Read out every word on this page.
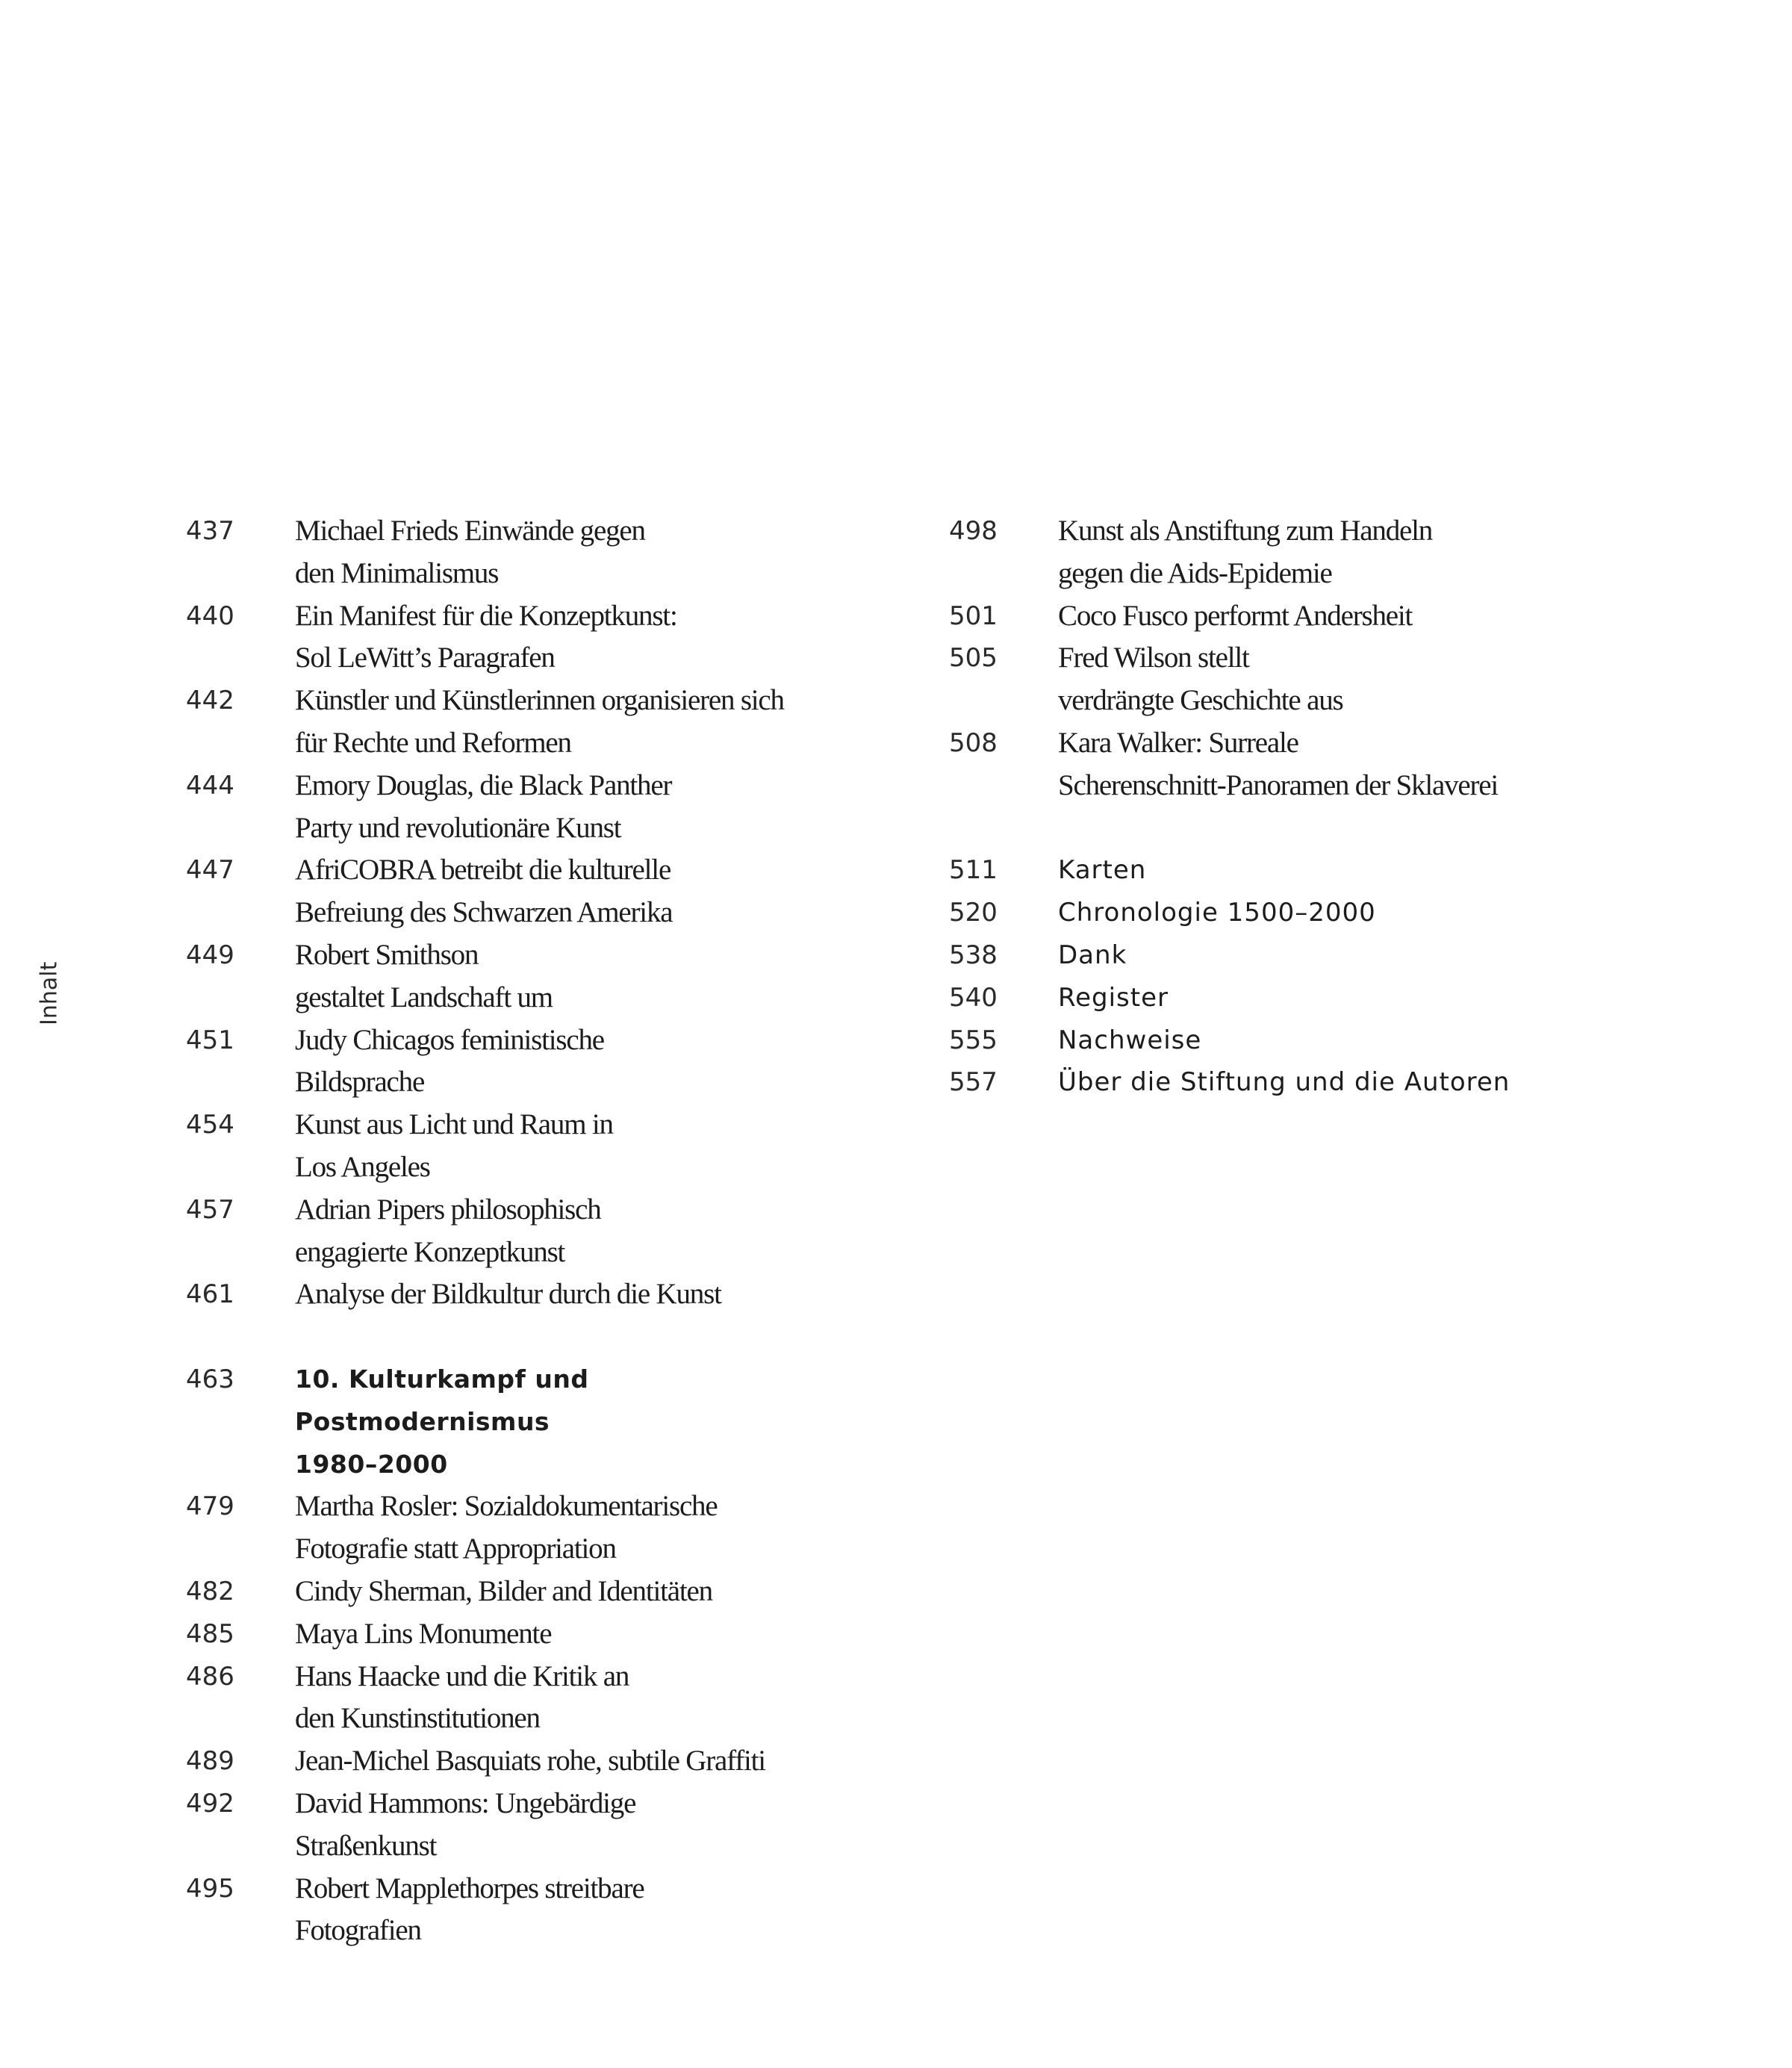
Inhalt
437	Michael Frieds Einwände gegen
den Minimalismus
440	Ein Manifest für die Konzeptkunst:
Sol LeWitt’s Paragrafen
442	Künstler und Künstlerinnen organisieren sich
für Rechte und Reformen
444	Emory Douglas, die Black Panther
Party und revolutionäre Kunst
447	AfriCOBRA betreibt die kulturelle
Befreiung des Schwarzen Amerika
449	Robert Smithson
gestaltet Landschaft um
451	Judy Chicagos feministische
Bildsprache
454	Kunst aus Licht und Raum in
Los Angeles
457	Adrian Pipers philosophisch
engagierte Konzeptkunst
461	Analyse der Bildkultur durch die Kunst
463	10. Kulturkampf und
Postmodernismus
1980–2000
479	Martha Rosler: Sozialdokumentarische
Fotografie statt Appropriation
482	Cindy Sherman, Bilder and Identitäten
485	Maya Lins Monumente
486	Hans Haacke und die Kritik an
den Kunstinstitutionen
489	Jean-Michel Basquiats rohe, subtile Graffiti
492	David Hammons: Ungebärdige
Straßenkunst
495	Robert Mapplethorpes streitbare
Fotografien
498	Kunst als Anstiftung zum Handeln
gegen die Aids-Epidemie
501	Coco Fusco performt Andersheit
505	Fred Wilson stellt
verdrängte Geschichte aus
508	Kara Walker: Surreale
Scherenschnitt-Panoramen der Sklaverei
511	Karten
520	Chronologie 1500–2000
538	Dank
540	Register
555	Nachweise
557	Über die Stiftung und die Autoren
